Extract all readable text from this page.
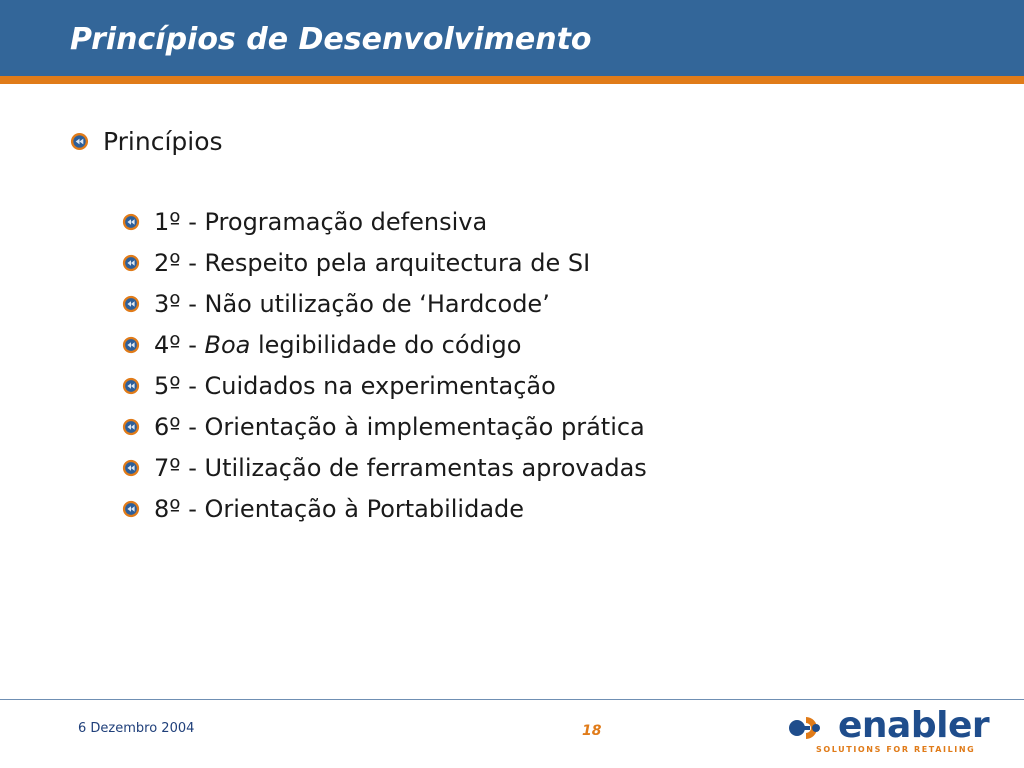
Princípios de Desenvolvimento
Princípios
1º - Programação defensiva
2º - Respeito pela arquitectura de SI
3º - Não utilização de ‘Hardcode’
4º - Boa legibilidade do código
5º - Cuidados na experimentação
6º - Orientação à implementação prática
7º - Utilização de ferramentas aprovadas
8º - Orientação à Portabilidade
6 Dezembro 2004	18	enabler
SOLUTIONS FOR RETAILING
